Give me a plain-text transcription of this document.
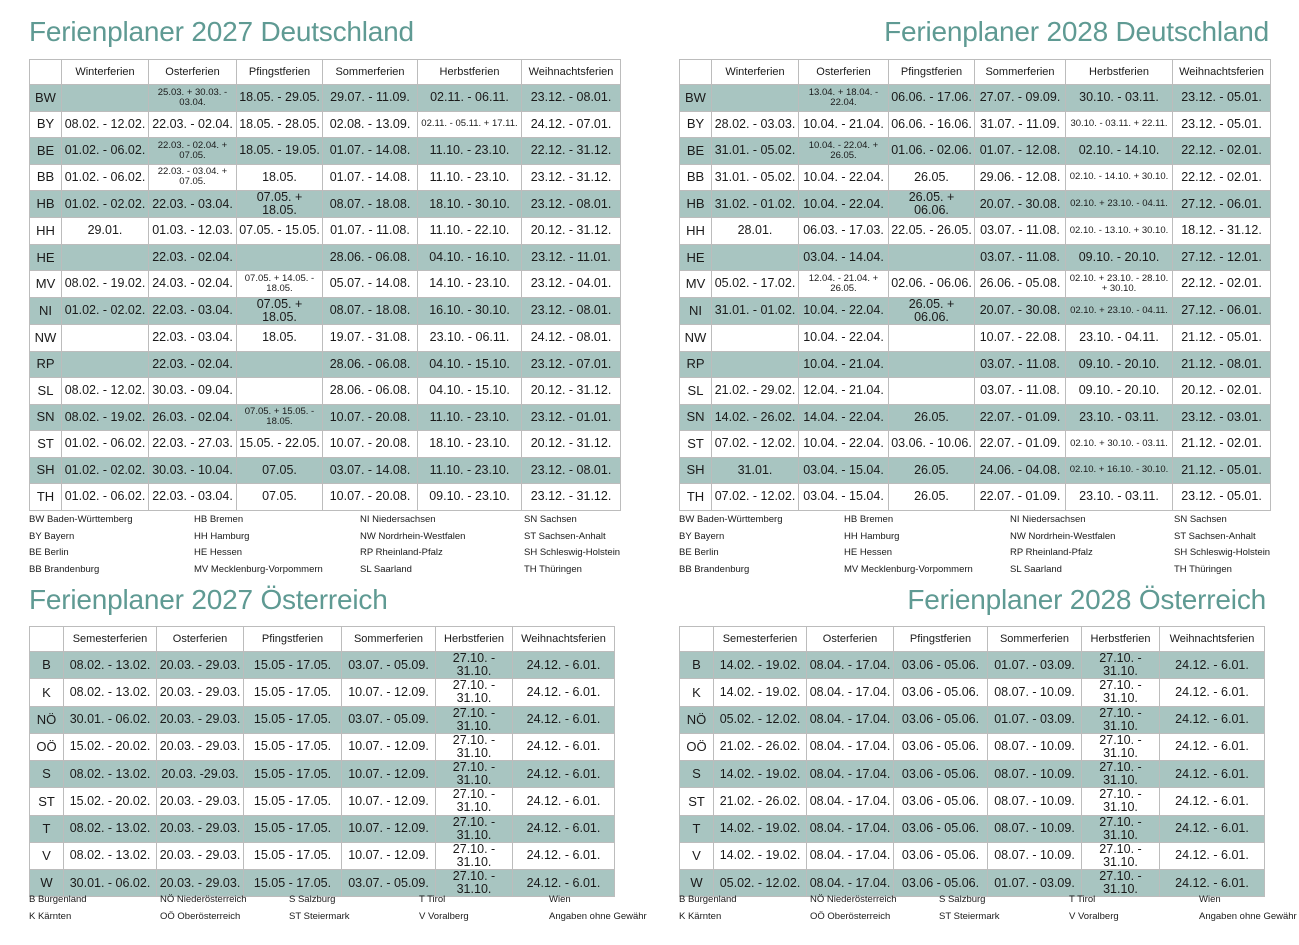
Ferienplaner 2027 Deutschland
	Winterferien	Osterferien	Pfingstferien	Sommerferien	Herbstferien	Weihnachtsferien
BW		25.03. + 30.03. - 03.04.	18.05. - 29.05.	29.07. - 11.09.	02.11. - 06.11.	23.12. - 08.01.
BY	08.02. - 12.02.	22.03. - 02.04.	18.05. - 28.05.	02.08. - 13.09.	02.11. - 05.11. + 17.11.	24.12. - 07.01.
BE	01.02. - 06.02.	22.03. - 02.04. + 07.05.	18.05. - 19.05.	01.07. - 14.08.	11.10. - 23.10.	22.12. - 31.12.
BB	01.02. - 06.02.	22.03. - 03.04. + 07.05.	18.05.	01.07. - 14.08.	11.10. - 23.10.	23.12. - 31.12.
HB	01.02. - 02.02.	22.03. - 03.04.	07.05. + 18.05.	08.07. - 18.08.	18.10. - 30.10.	23.12. - 08.01.
HH	29.01.	01.03. - 12.03.	07.05. - 15.05.	01.07. - 11.08.	11.10. - 22.10.	20.12. - 31.12.
HE		22.03. - 02.04.		28.06. - 06.08.	04.10. - 16.10.	23.12. - 11.01.
MV	08.02. - 19.02.	24.03. - 02.04.	07.05. + 14.05. - 18.05.	05.07. - 14.08.	14.10. - 23.10.	23.12. - 04.01.
NI	01.02. - 02.02.	22.03. - 03.04.	07.05. + 18.05.	08.07. - 18.08.	16.10. - 30.10.	23.12. - 08.01.
NW		22.03. - 03.04.	18.05.	19.07. - 31.08.	23.10. - 06.11.	24.12. - 08.01.
RP		22.03. - 02.04.		28.06. - 06.08.	04.10. - 15.10.	23.12. - 07.01.
SL	08.02. - 12.02.	30.03. - 09.04.		28.06. - 06.08.	04.10. - 15.10.	20.12. - 31.12.
SN	08.02. - 19.02.	26.03. - 02.04.	07.05. + 15.05. - 18.05.	10.07. - 20.08.	11.10. - 23.10.	23.12. - 01.01.
ST	01.02. - 06.02.	22.03. - 27.03.	15.05. - 22.05.	10.07. - 20.08.	18.10. - 23.10.	20.12. - 31.12.
SH	01.02. - 02.02.	30.03. - 10.04.	07.05.	03.07. - 14.08.	11.10. - 23.10.	23.12. - 08.01.
TH	01.02. - 06.02.	22.03. - 03.04.	07.05.	10.07. - 20.08.	09.10. - 23.10.	23.12. - 31.12.
BW Baden-Württemberg
BY Bayern
BE Berlin
BB Brandenburg
HB Bremen
HH Hamburg
HE Hessen
MV Mecklenburg-Vorpommern
NI Niedersachsen
NW Nordrhein-Westfalen
RP Rheinland-Pfalz
SL Saarland
SN Sachsen
ST Sachsen-Anhalt
SH Schleswig-Holstein
TH Thüringen
Ferienplaner 2028 Deutschland
	Winterferien	Osterferien	Pfingstferien	Sommerferien	Herbstferien	Weihnachtsferien
BW		13.04. + 18.04. - 22.04.	06.06. - 17.06.	27.07. - 09.09.	30.10. - 03.11.	23.12. - 05.01.
BY	28.02. - 03.03.	10.04. - 21.04.	06.06. - 16.06.	31.07. - 11.09.	30.10. - 03.11. + 22.11.	23.12. - 05.01.
BE	31.01. - 05.02.	10.04. - 22.04. + 26.05.	01.06. - 02.06.	01.07. - 12.08.	02.10. - 14.10.	22.12. - 02.01.
BB	31.01. - 05.02.	10.04. - 22.04.	26.05.	29.06. - 12.08.	02.10. - 14.10. + 30.10.	22.12. - 02.01.
HB	31.02. - 01.02.	10.04. - 22.04.	26.05. + 06.06.	20.07. - 30.08.	02.10. + 23.10. - 04.11.	27.12. - 06.01.
HH	28.01.	06.03. - 17.03.	22.05. - 26.05.	03.07. - 11.08.	02.10. - 13.10. + 30.10.	18.12. - 31.12.
HE		03.04. - 14.04.		03.07. - 11.08.	09.10. - 20.10.	27.12. - 12.01.
MV	05.02. - 17.02.	12.04. - 21.04. + 26.05.	02.06. - 06.06.	26.06. - 05.08.	02.10. + 23.10. - 28.10. + 30.10.	22.12. - 02.01.
NI	31.01. - 01.02.	10.04. - 22.04.	26.05. + 06.06.	20.07. - 30.08.	02.10. + 23.10. - 04.11.	27.12. - 06.01.
NW		10.04. - 22.04.		10.07. - 22.08.	23.10. - 04.11.	21.12. - 05.01.
RP		10.04. - 21.04.		03.07. - 11.08.	09.10. - 20.10.	21.12. - 08.01.
SL	21.02. - 29.02.	12.04. - 21.04.		03.07. - 11.08.	09.10. - 20.10.	20.12. - 02.01.
SN	14.02. - 26.02.	14.04. - 22.04.	26.05.	22.07. - 01.09.	23.10. - 03.11.	23.12. - 03.01.
ST	07.02. - 12.02.	10.04. - 22.04.	03.06. - 10.06.	22.07. - 01.09.	02.10. + 30.10. - 03.11.	21.12. - 02.01.
SH	31.01.	03.04. - 15.04.	26.05.	24.06. - 04.08.	02.10. + 16.10. - 30.10.	21.12. - 05.01.
TH	07.02. - 12.02.	03.04. - 15.04.	26.05.	22.07. - 01.09.	23.10. - 03.11.	23.12. - 05.01.
BW Baden-Württemberg
BY Bayern
BE Berlin
BB Brandenburg
HB Bremen
HH Hamburg
HE Hessen
MV Mecklenburg-Vorpommern
NI Niedersachsen
NW Nordrhein-Westfalen
RP Rheinland-Pfalz
SL Saarland
SN Sachsen
ST Sachsen-Anhalt
SH Schleswig-Holstein
TH Thüringen
Ferienplaner 2027 Österreich
	Semesterferien	Osterferien	Pfingstferien	Sommerferien	Herbstferien	Weihnachtsferien
B	08.02. - 13.02.	20.03. - 29.03.	15.05 - 17.05.	03.07. - 05.09.	27.10. - 31.10.	24.12. - 6.01.
K	08.02. - 13.02.	20.03. - 29.03.	15.05 - 17.05.	10.07. - 12.09.	27.10. - 31.10.	24.12. - 6.01.
NÖ	30.01. - 06.02.	20.03. - 29.03.	15.05 - 17.05.	03.07. - 05.09.	27.10. - 31.10.	24.12. - 6.01.
OÖ	15.02. - 20.02.	20.03. - 29.03.	15.05 - 17.05.	10.07. - 12.09.	27.10. - 31.10.	24.12. - 6.01.
S	08.02. - 13.02.	20.03. -29.03.	15.05 - 17.05.	10.07. - 12.09.	27.10. - 31.10.	24.12. - 6.01.
ST	15.02. - 20.02.	20.03. - 29.03.	15.05 - 17.05.	10.07. - 12.09.	27.10. - 31.10.	24.12. - 6.01.
T	08.02. - 13.02.	20.03. - 29.03.	15.05 - 17.05.	10.07. - 12.09.	27.10. - 31.10.	24.12. - 6.01.
V	08.02. - 13.02.	20.03. - 29.03.	15.05 - 17.05.	10.07. - 12.09.	27.10. - 31.10.	24.12. - 6.01.
W	30.01. - 06.02.	20.03. - 29.03.	15.05 - 17.05.	03.07. - 05.09.	27.10. - 31.10.	24.12. - 6.01.
B Burgenland
K Kärnten
NÖ Niederösterreich
OÖ Oberösterreich
S Salzburg
ST Steiermark
T Tirol
V Voralberg
Wien
Angaben ohne Gewähr
Ferienplaner 2028 Österreich
	Semesterferien	Osterferien	Pfingstferien	Sommerferien	Herbstferien	Weihnachtsferien
B	14.02. - 19.02.	08.04. - 17.04.	03.06 - 05.06.	01.07. - 03.09.	27.10. - 31.10.	24.12. - 6.01.
K	14.02. - 19.02.	08.04. - 17.04.	03.06 - 05.06.	08.07. - 10.09.	27.10. - 31.10.	24.12. - 6.01.
NÖ	05.02. - 12.02.	08.04. - 17.04.	03.06 - 05.06.	01.07. - 03.09.	27.10. - 31.10.	24.12. - 6.01.
OÖ	21.02. - 26.02.	08.04. - 17.04.	03.06 - 05.06.	08.07. - 10.09.	27.10. - 31.10.	24.12. - 6.01.
S	14.02. - 19.02.	08.04. - 17.04.	03.06 - 05.06.	08.07. - 10.09.	27.10. - 31.10.	24.12. - 6.01.
ST	21.02. - 26.02.	08.04. - 17.04.	03.06 - 05.06.	08.07. - 10.09.	27.10. - 31.10.	24.12. - 6.01.
T	14.02. - 19.02.	08.04. - 17.04.	03.06 - 05.06.	08.07. - 10.09.	27.10. - 31.10.	24.12. - 6.01.
V	14.02. - 19.02.	08.04. - 17.04.	03.06 - 05.06.	08.07. - 10.09.	27.10. - 31.10.	24.12. - 6.01.
W	05.02. - 12.02.	08.04. - 17.04.	03.06 - 05.06.	01.07. - 03.09.	27.10. - 31.10.	24.12. - 6.01.
B Burgenland
K Kärnten
NÖ Niederösterreich
OÖ Oberösterreich
S Salzburg
ST Steiermark
T Tirol
V Voralberg
Wien
Angaben ohne Gewähr
